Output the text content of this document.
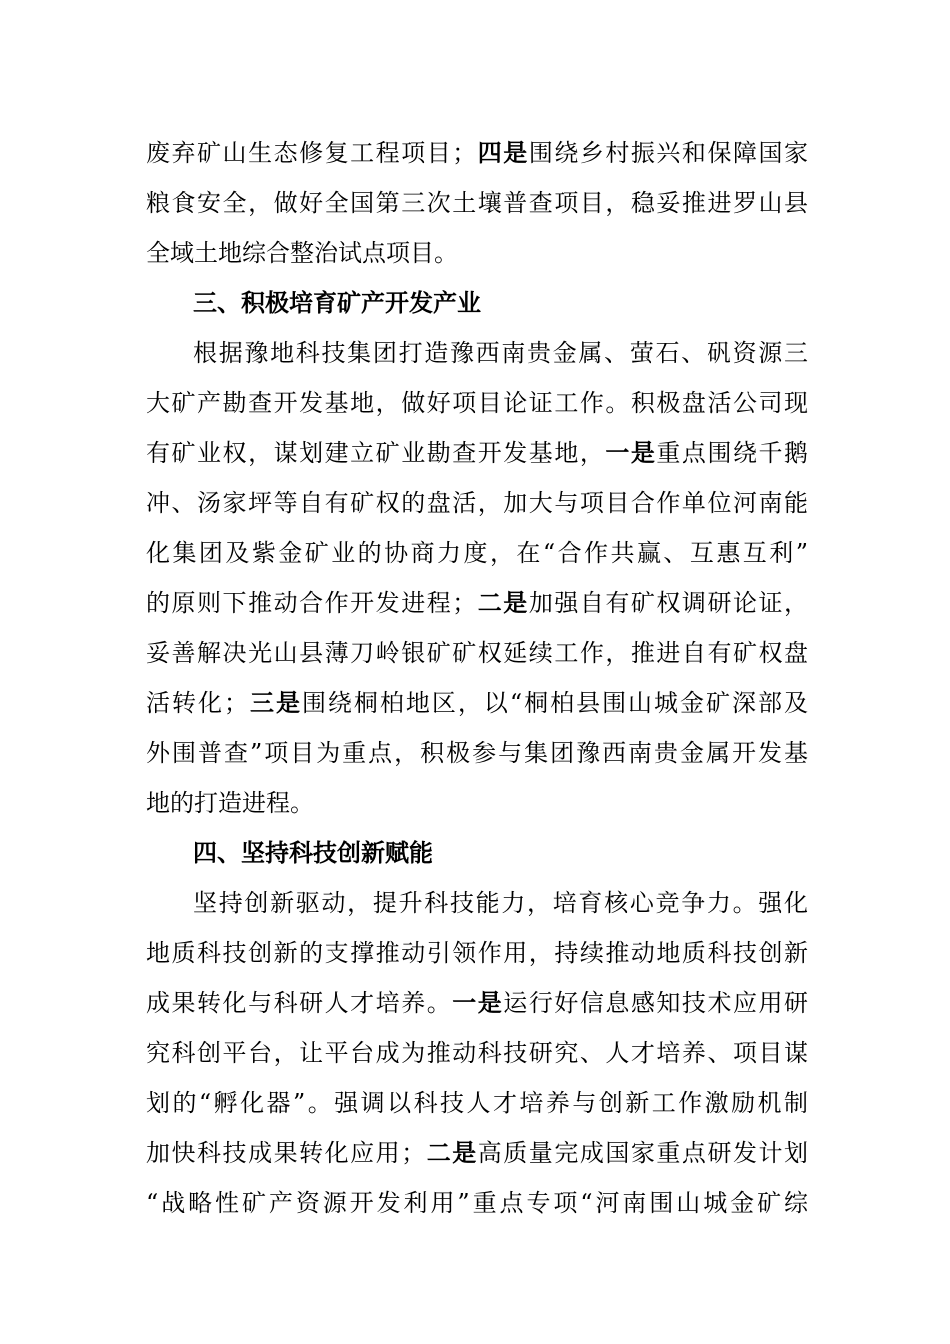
废弃矿山生态修复工程项目；四是围绕乡村振兴和保障国家
粮食安全，做好全国第三次土壤普查项目，稳妥推进罗山县
全域土地综合整治试点项目。
三、积极培育矿产开发产业
根据豫地科技集团打造豫西南贵金属、萤石、矾资源三
大矿产勘查开发基地，做好项目论证工作。积极盘活公司现
有矿业权，谋划建立矿业勘查开发基地，一是重点围绕千鹅
冲、汤家坪等自有矿权的盘活，加大与项目合作单位河南能
化集团及紫金矿业的协商力度，在“合作共赢、互惠互利”
的原则下推动合作开发进程；二是加强自有矿权调研论证，
妥善解决光山县薄刀岭银矿矿权延续工作，推进自有矿权盘
活转化；三是围绕桐柏地区，以“桐柏县围山城金矿深部及
外围普查”项目为重点，积极参与集团豫西南贵金属开发基
地的打造进程。
四、坚持科技创新赋能
坚持创新驱动，提升科技能力，培育核心竞争力。强化
地质科技创新的支撑推动引领作用，持续推动地质科技创新
成果转化与科研人才培养。一是运行好信息感知技术应用研
究科创平台，让平台成为推动科技研究、人才培养、项目谋
划的“孵化器”。强调以科技人才培养与创新工作激励机制
加快科技成果转化应用；二是高质量完成国家重点研发计划
“战略性矿产资源开发利用”重点专项“河南围山城金矿综
